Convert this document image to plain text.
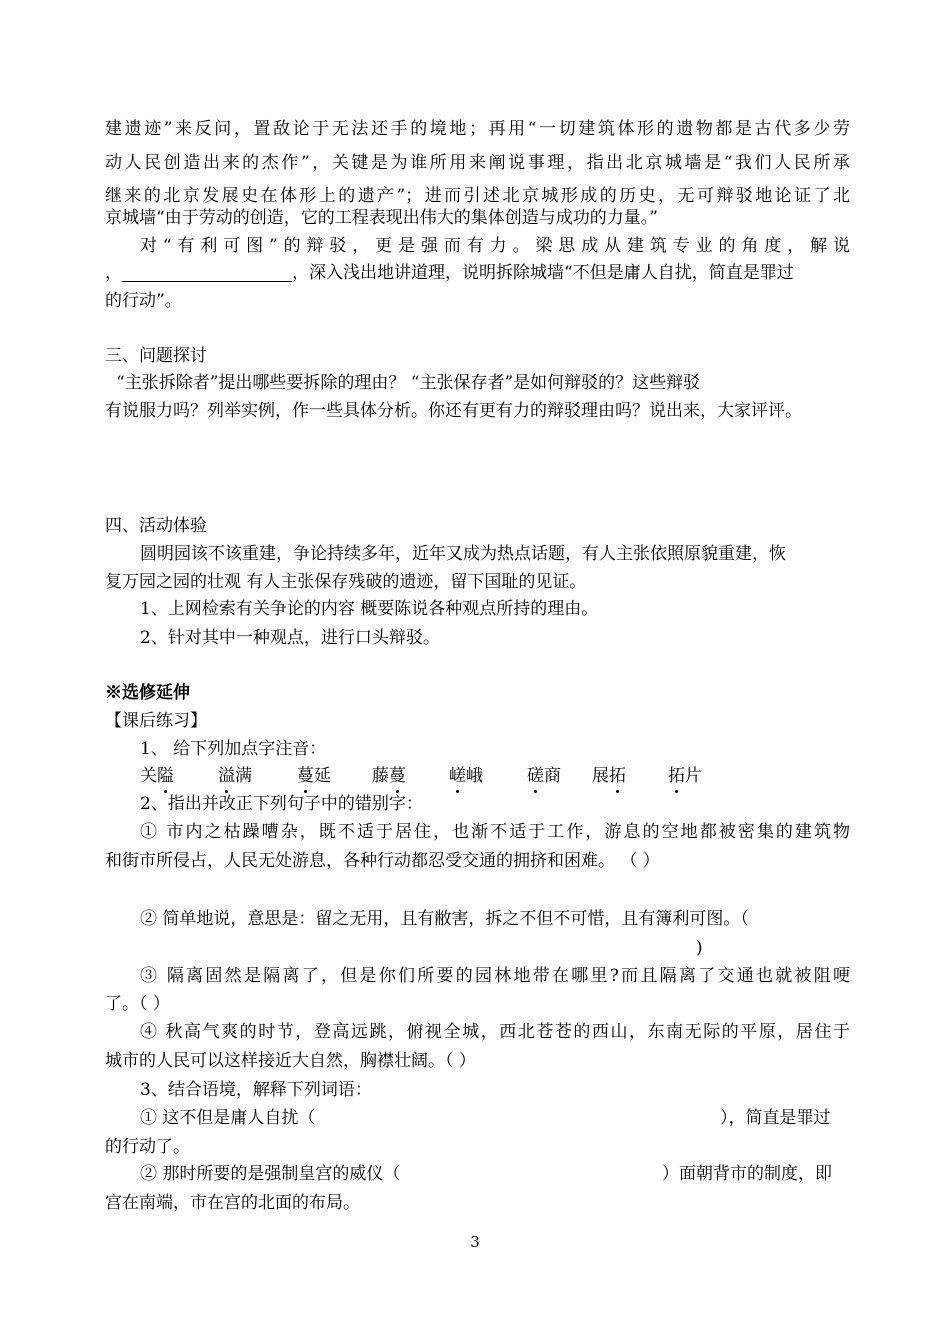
建遗迹”来反问，置敌论于无法还手的境地；再用“一切建筑体形的遗物都是古代多少劳
动人民创造出来的杰作”，关键是为谁所用来阐说事理，指出北京城墙是“我们人民所承
继来的北京发展史在体形上的遗产”；进而引述北京城形成的历史，无可辩驳地论证了北
京城墙“由于劳动的创造，它的工程表现出伟大的集体创造与成功的力量。”
对“有利可图”的辩驳，更是强而有力。梁思成从建筑专业的角度，解说
，	，深入浅出地讲道理，说明拆除城墙“不但是庸人自扰，简直是罪过
的行动”。
三、问题探讨
“主张拆除者”提出哪些要拆除的理由？ “主张保存者”是如何辩驳的？这些辩驳
有说服力吗？列举实例，作一些具体分析。你还有更有力的辩驳理由吗？说出来，大家评评。
四、活动体验
圆明园该不该重建，争论持续多年，近年又成为热点话题，有人主张依照原貌重建，恢
复万园之园的壮观 有人主张保存残破的遗迹，留下国耻的见证。
1、上网检索有关争论的内容 概要陈说各种观点所持的理由。
2、针对其中一种观点，进行口头辩驳。
※选修延伸
【课后练习】
1、 给下列加点字注音：
关隘	溢满	蔓延 藤蔓	嵯峨	磋商 展拓 拓片
2、指出并改正下列句子中的错别字：
① 市内之枯躁嘈杂，既不适于居住，也渐不适于工作，游息的空地都被密集的建筑物
和街市所侵占，人民无处游息，各种行动都忍受交通的拥挤和困难。 （ ）
② 简单地说，意思是：留之无用，且有敝害，拆之不但不可惜，且有簿利可图。（
)
③ 隔离固然是隔离了，但是你们所要的园林地带在哪里?而且隔离了交通也就被阻哽
了。（ ）
④ 秋高气爽的时节，登高远跳，俯视全城，西北苍苍的西山，东南无际的平原，居住于
城市的人民可以这样接近大自然，胸襟壮阔。（ ）
3、结合语境，解释下列词语：
① 这不但是庸人自扰（	），简直是罪过
的行动了。
② 那时所要的是强制皇宫的威仪（	）面朝背市的制度，即
宫在南端，市在宫的北面的布局。
3
